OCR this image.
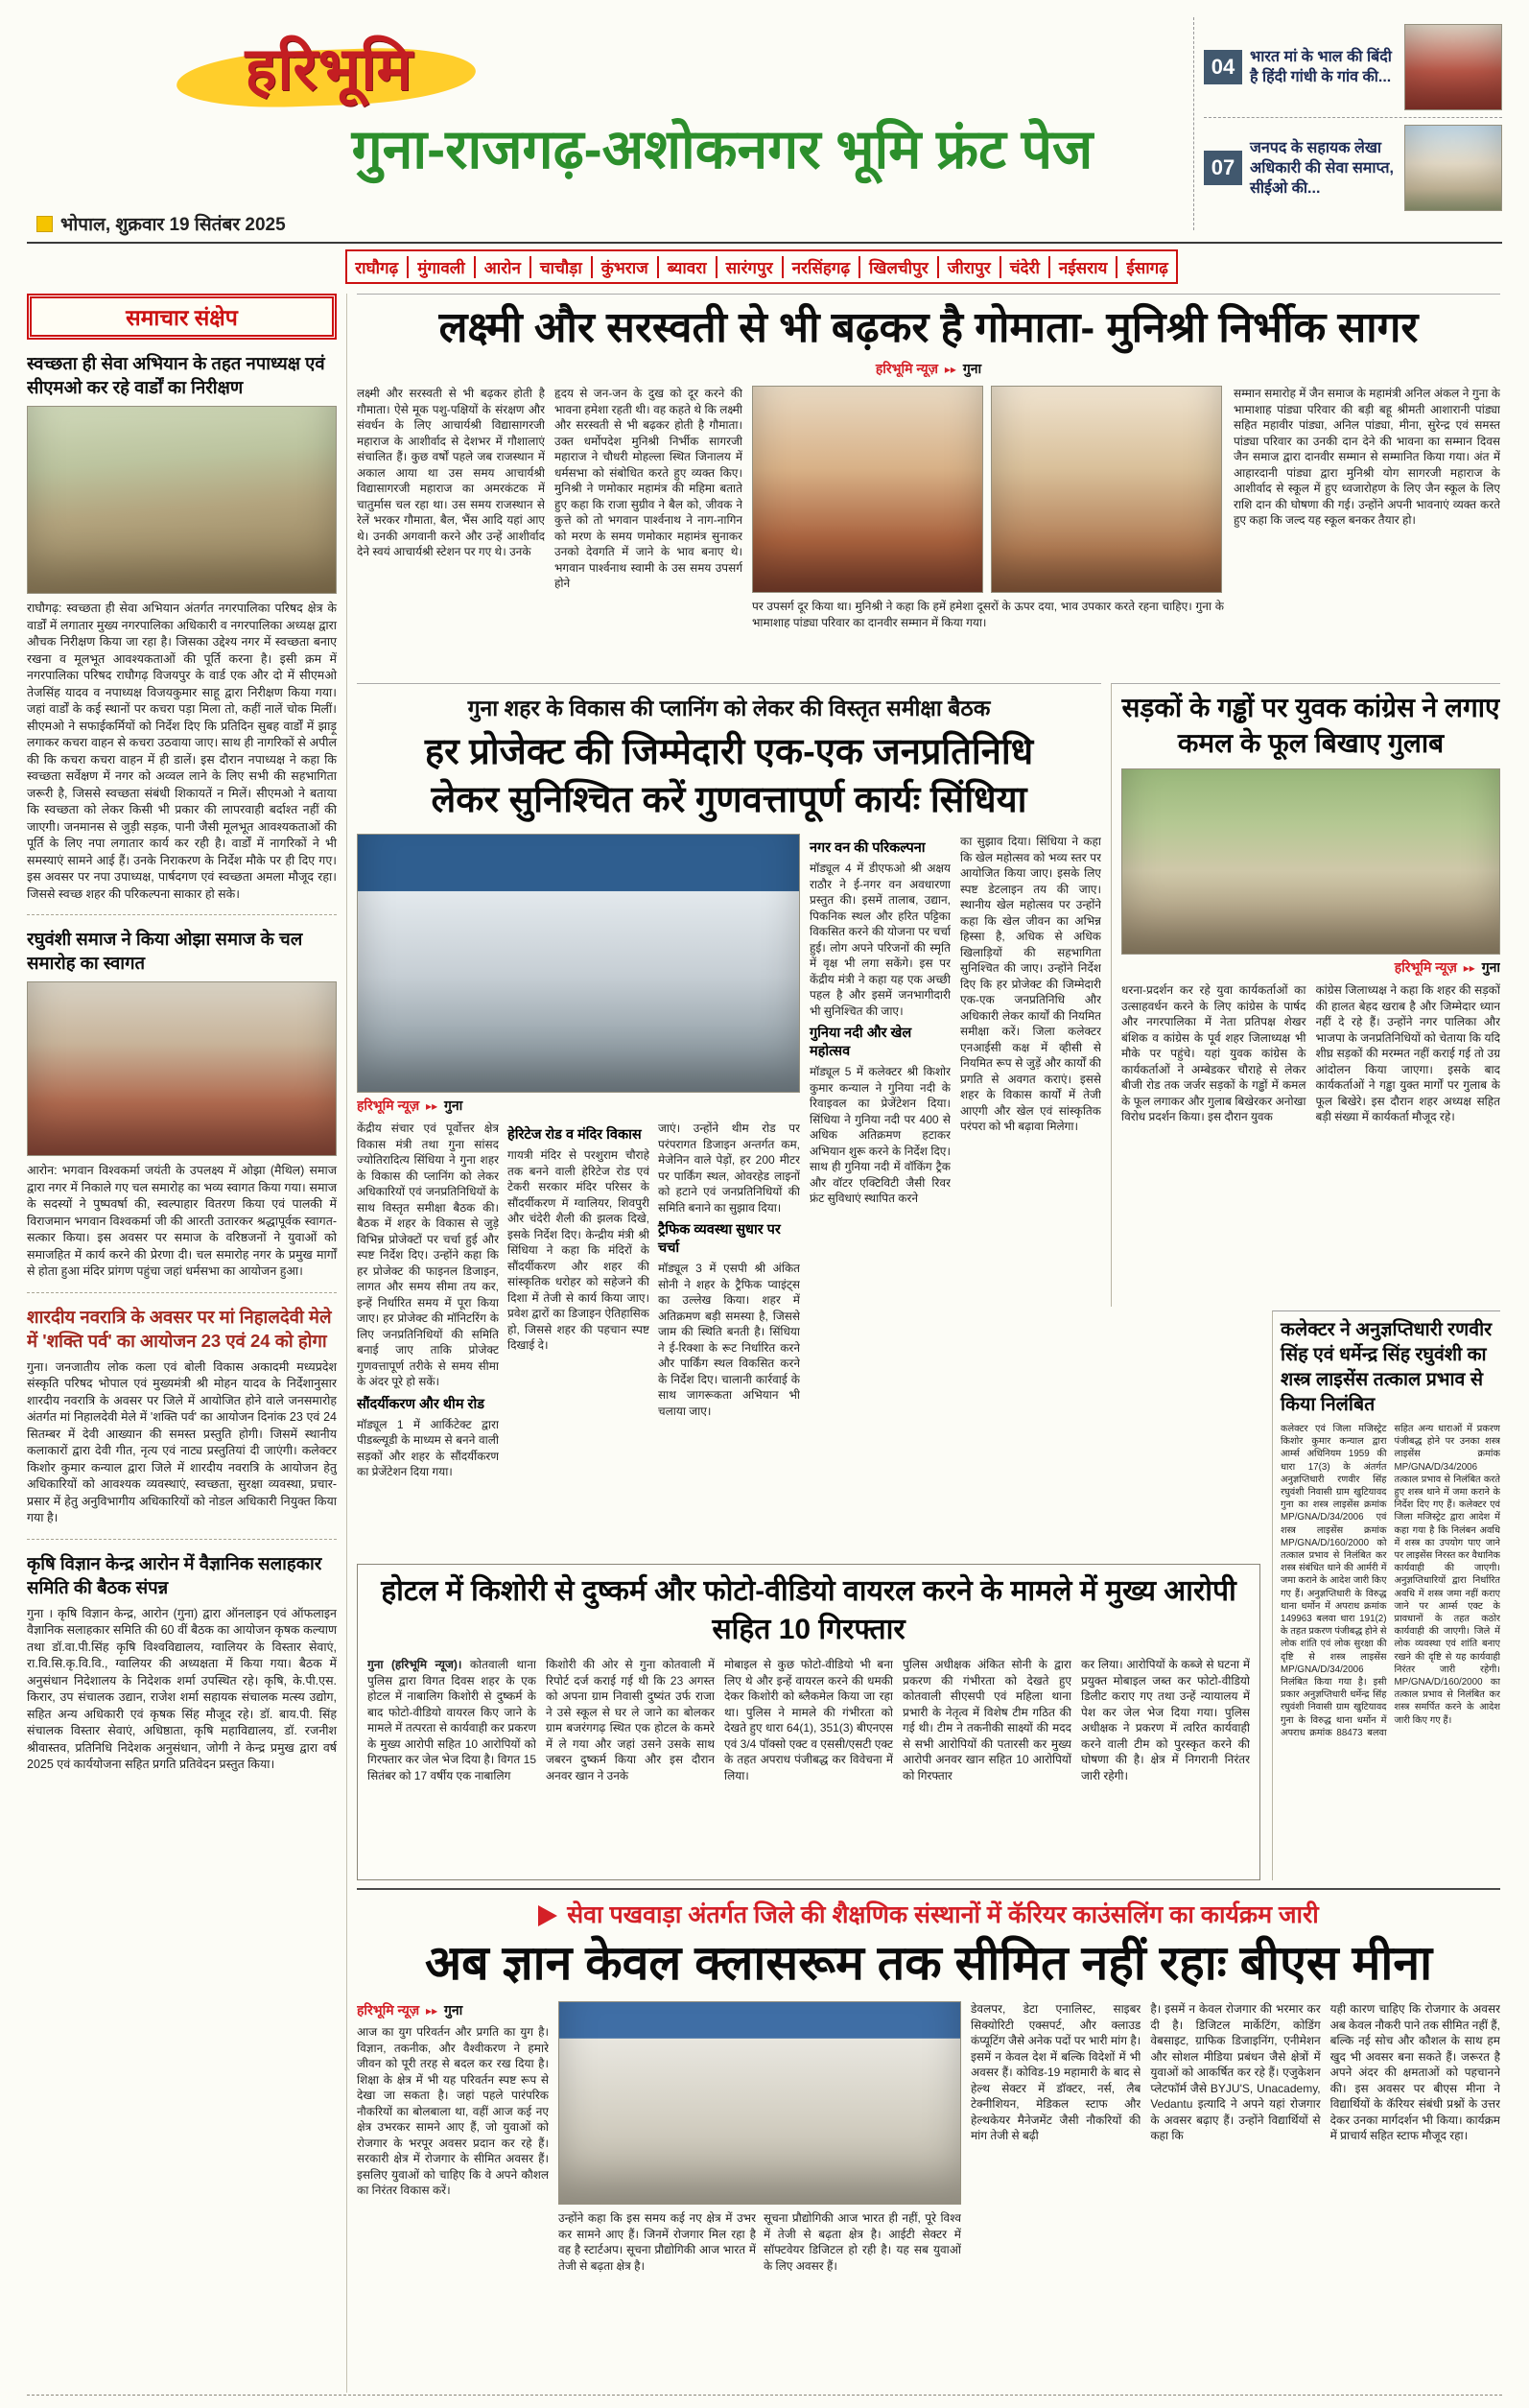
हरिभूमि
गुना-राजगढ़-अशोकनगर भूमि फ्रंट पेज
भोपाल, शुक्रवार 19 सितंबर 2025
04 भारत मां के भाल की बिंदी है हिंदी गांधी के गांव की...
07
जनपद के सहायक लेखा अधिकारी की सेवा समाप्त, सीईओ की...
राघौगढ़	मुंगावली	आरोन	चाचौड़ा	कुंभराज	ब्यावरा	सारंगपुर	नरसिंहगढ़	खिलचीपुर	जीरापुर	चंदेरी	नईसराय	ईसागढ़
समाचार संक्षेप
स्वच्छता ही सेवा अभियान के तहत नपाध्यक्ष एवं सीएमओ कर रहे वार्डों का निरीक्षण
राघौगढ़: स्वच्छता ही सेवा अभियान अंतर्गत नगरपालिका परिषद क्षेत्र के वार्डों में लगातार मुख्य नगरपालिका अधिकारी व नगरपालिका अध्यक्ष द्वारा औचक निरीक्षण किया जा रहा है। जिसका उद्देश्य नगर में स्वच्छता बनाए रखना व मूलभूत आवश्यकताओं की पूर्ति करना है। इसी क्रम में नगरपालिका परिषद राघौगढ़ विजयपुर के वार्ड एक और दो में सीएमओ तेजसिंह यादव व नपाध्यक्ष विजयकुमार साहू द्वारा निरीक्षण किया गया। जहां वार्डों के कई स्थानों पर कचरा पड़ा मिला तो, कहीं नालें चोक मिलीं। सीएमओ ने सफाईकर्मियों को निर्देश दिए कि प्रतिदिन सुबह वार्डों में झाड़ू लगाकर कचरा वाहन से कचरा उठवाया जाए। साथ ही नागरिकों से अपील की कि कचरा कचरा वाहन में ही डालें। इस दौरान नपाध्यक्ष ने कहा कि स्वच्छता सर्वेक्षण में नगर को अव्वल लाने के लिए सभी की सहभागिता जरूरी है, जिससे स्वच्छता संबंधी शिकायतें न मिलें। सीएमओ ने बताया कि स्वच्छता को लेकर किसी भी प्रकार की लापरवाही बर्दाश्त नहीं की जाएगी। जनमानस से जुड़ी सड़क, पानी जैसी मूलभूत आवश्यकताओं की पूर्ति के लिए नपा लगातार कार्य कर रही है। वार्डों में नागरिकों ने भी समस्याएं सामने आई हैं। उनके निराकरण के निर्देश मौके पर ही दिए गए। इस अवसर पर नपा उपाध्यक्ष, पार्षदगण एवं स्वच्छता अमला मौजूद रहा। जिससे स्वच्छ शहर की परिकल्पना साकार हो सके।
रघुवंशी समाज ने किया ओझा समाज के चल समारोह का स्वागत
आरोन: भगवान विश्वकर्मा जयंती के उपलक्ष्य में ओझा (मैथिल) समाज द्वारा नगर में निकाले गए चल समारोह का भव्य स्वागत किया गया। समाज के सदस्यों ने पुष्पवर्षा की, स्वल्पाहार वितरण किया एवं पालकी में विराजमान भगवान विश्वकर्मा जी की आरती उतारकर श्रद्धापूर्वक स्वागत-सत्कार किया। इस अवसर पर समाज के वरिष्ठजनों ने युवाओं को समाजहित में कार्य करने की प्रेरणा दी। चल समारोह नगर के प्रमुख मार्गों से होता हुआ मंदिर प्रांगण पहुंचा जहां धर्मसभा का आयोजन हुआ।
शारदीय नवरात्रि के अवसर पर मां निहालदेवी मेले में 'शक्ति पर्व' का आयोजन 23 एवं 24 को होगा
गुना। जनजातीय लोक कला एवं बोली विकास अकादमी मध्यप्रदेश संस्कृति परिषद भोपाल एवं मुख्यमंत्री श्री मोहन यादव के निर्देशानुसार शारदीय नवरात्रि के अवसर पर जिले में आयोजित होने वाले जनसमारोह अंतर्गत मां निहालदेवी मेले में 'शक्ति पर्व' का आयोजन दिनांक 23 एवं 24 सितम्बर में देवी आख्यान की समस्त प्रस्तुति होगी। जिसमें स्थानीय कलाकारों द्वारा देवी गीत, नृत्य एवं नाट्य प्रस्तुतियां दी जाएंगी। कलेक्टर किशोर कुमार कन्याल द्वारा जिले में शारदीय नवरात्रि के आयोजन हेतु अधिकारियों को आवश्यक व्यवस्थाएं, स्वच्छता, सुरक्षा व्यवस्था, प्रचार-प्रसार में हेतु अनुविभागीय अधिकारियों को नोडल अधिकारी नियुक्त किया गया है।
कृषि विज्ञान केन्द्र आरोन में वैज्ञानिक सलाहकार समिति की बैठक संपन्न
गुना । कृषि विज्ञान केन्द्र, आरोन (गुना) द्वारा ऑनलाइन एवं ऑफलाइन वैज्ञानिक सलाहकार समिति की 60 वीं बैठक का आयोजन कृषक कल्याण तथा डॉ.वा.पी.सिंह कृषि विश्वविद्यालय, ग्वालियर के विस्तार सेवाएं, रा.वि.सि.कृ.वि.वि., ग्वालियर की अध्यक्षता में किया गया। बैठक में अनुसंधान निदेशालय के निदेशक शर्मा उपस्थित रहे। कृषि, के.पी.एस. किरार, उप संचालक उद्यान, राजेश शर्मा सहायक संचालक मत्स्य उद्योग, सहित अन्य अधिकारी एवं कृषक सिंह मौजूद रहे। डॉ. बाय.पी. सिंह संचालक विस्तार सेवाएं, अधिष्ठाता, कृषि महाविद्यालय, डॉ. रजनीश श्रीवास्तव, प्रतिनिधि निदेशक अनुसंधान, जोगी ने केन्द्र प्रमुख द्वारा वर्ष 2025 एवं कार्ययोजना सहित प्रगति प्रतिवेदन प्रस्तुत किया।
लक्ष्मी और सरस्वती से भी बढ़कर है गोमाता- मुनिश्री निर्भीक सागर
हरिभूमि न्यूज़ ▸▸ गुना
लक्ष्मी और सरस्वती से भी बढ़कर होती है गौमाता। ऐसे मूक पशु-पक्षियों के संरक्षण और संवर्धन के लिए आचार्यश्री विद्यासागरजी महाराज के आशीर्वाद से देशभर में गौशालाएं संचालित हैं। कुछ वर्षों पहले जब राजस्थान में अकाल आया था उस समय आचार्यश्री विद्यासागरजी महाराज का अमरकंटक में चातुर्मास चल रहा था। उस समय राजस्थान से रेलें भरकर गौमाता, बैल, भैंस आदि यहां आए थे। उनकी अगवानी करने और उन्हें आशीर्वाद देने स्वयं आचार्यश्री स्टेशन पर गए थे। उनके
हृदय से जन-जन के दुख को दूर करने की भावना हमेशा रहती थी। वह कहते थे कि लक्ष्मी और सरस्वती से भी बढ़कर होती है गौमाता। उक्त धर्मोपदेश मुनिश्री निर्भीक सागरजी महाराज ने चौधरी मोहल्ला स्थित जिनालय में धर्मसभा को संबोधित करते हुए व्यक्त किए। मुनिश्री ने णमोकार महामंत्र की महिमा बताते हुए कहा कि राजा सुग्रीव ने बैल को, जीवक ने कुत्ते को तो भगवान पार्श्वनाथ ने नाग-नागिन को मरण के समय णमोकार महामंत्र सुनाकर उनको देवगति में जाने के भाव बनाए थे। भगवान पार्श्वनाथ स्वामी के उस समय उपसर्ग होने
पर उपसर्ग दूर किया था। मुनिश्री ने कहा कि हमें हमेशा दूसरों के ऊपर दया, भाव उपकार करते रहना चाहिए। गुना के भामाशाह पांड्या परिवार का दानवीर सम्मान में किया गया।
सम्मान समारोह में जैन समाज के महामंत्री अनिल अंकल ने गुना के भामाशाह पांड्या परिवार की बड़ी बहू श्रीमती आशारानी पांड्या सहित महावीर पांड्या, अनिल पांड्या, मीना, सुरेन्द्र एवं समस्त पांड्या परिवार का उनकी दान देने की भावना का सम्मान दिवस जैन समाज द्वारा दानवीर सम्मान से सम्मानित किया गया। अंत में आहारदानी पांड्या द्वारा मुनिश्री योग सागरजी महाराज के आशीर्वाद से स्कूल में हुए ध्वजारोहण के लिए जैन स्कूल के लिए राशि दान की घोषणा की गई। उन्होंने अपनी भावनाएं व्यक्त करते हुए कहा कि जल्द यह स्कूल बनकर तैयार हो।
गुना शहर के विकास की प्लानिंग को लेकर की विस्तृत समीक्षा बैठक
हर प्रोजेक्ट की जिम्मेदारी एक-एक जनप्रतिनिधि
लेकर सुनिश्चित करें गुणवत्तापूर्ण कार्यः सिंधिया
हरिभूमि न्यूज़ ▸▸ गुना
केंद्रीय संचार एवं पूर्वोत्तर क्षेत्र विकास मंत्री तथा गुना सांसद ज्योतिरादित्य सिंधिया ने गुना शहर के विकास की प्लानिंग को लेकर अधिकारियों एवं जनप्रतिनिधियों के साथ विस्तृत समीक्षा बैठक की। बैठक में शहर के विकास से जुड़े विभिन्न प्रोजेक्टों पर चर्चा हुई और स्पष्ट निर्देश दिए। उन्होंने कहा कि हर प्रोजेक्ट की फाइनल डिजाइन, लागत और समय सीमा तय कर, इन्हें निर्धारित समय में पूरा किया जाए। हर प्रोजेक्ट की मॉनिटरिंग के लिए जनप्रतिनिधियों की समिति बनाई जाए ताकि प्रोजेक्ट गुणवत्तापूर्ण तरीके से समय सीमा के अंदर पूरे हो सकें।
सौंदर्यीकरण और थीम रोड
मॉड्यूल 1 में आर्किटेक्ट द्वारा पीडब्ल्यूडी के माध्यम से बनने वाली सड़कों और शहर के सौंदर्यीकरण का प्रेजेंटेशन दिया गया।
हेरिटेज रोड व मंदिर विकास
गायत्री मंदिर से परशुराम चौराहे तक बनने वाली हेरिटेज रोड एवं टेकरी सरकार मंदिर परिसर के सौंदर्यीकरण में ग्वालियर, शिवपुरी और चंदेरी शैली की झलक दिखे, इसके निर्देश दिए। केन्द्रीय मंत्री श्री सिंधिया ने कहा कि मंदिरों के सौंदर्यीकरण और शहर की सांस्कृतिक धरोहर को सहेजने की दिशा में तेजी से कार्य किया जाए। प्रवेश द्वारों का डिजाइन ऐतिहासिक हो, जिससे शहर की पहचान स्पष्ट दिखाई दे।
जाएं। उन्होंने थीम रोड पर परंपरागत डिजाइन अन्तर्गत कम, मेजेनिन वाले पेड़ों, हर 200 मीटर पर पार्किंग स्थल, ओवरहेड लाइनों को हटाने एवं जनप्रतिनिधियों की समिति बनाने का सुझाव दिया।
ट्रैफिक व्यवस्था सुधार पर चर्चा
मॉड्यूल 3 में एसपी श्री अंकित सोनी ने शहर के ट्रैफिक प्वाइंट्स का उल्लेख किया। शहर में अतिक्रमण बड़ी समस्या है, जिससे जाम की स्थिति बनती है। सिंधिया ने ई-रिक्शा के रूट निर्धारित करने और पार्किंग स्थल विकसित करने के निर्देश दिए। चालानी कार्रवाई के साथ जागरूकता अभियान भी चलाया जाए।
नगर वन की परिकल्पना
मॉड्यूल 4 में डीएफओ श्री अक्षय राठौर ने ई-नगर वन अवधारणा प्रस्तुत की। इसमें तालाब, उद्यान, पिकनिक स्थल और हरित पट्टिका विकसित करने की योजना पर चर्चा हुई। लोग अपने परिजनों की स्मृति में वृक्ष भी लगा सकेंगे। इस पर केंद्रीय मंत्री ने कहा यह एक अच्छी पहल है और इसमें जनभागीदारी भी सुनिश्चित की जाए।
गुनिया नदी और खेल महोत्सव
मॉड्यूल 5 में कलेक्टर श्री किशोर कुमार कन्याल ने गुनिया नदी के रिवाइवल का प्रेजेंटेशन दिया। सिंधिया ने गुनिया नदी पर 400 से अधिक अतिक्रमण हटाकर अभियान शुरू करने के निर्देश दिए। साथ ही गुनिया नदी में वॉकिंग ट्रैक और वॉटर एक्टिविटी जैसी रिवर फ्रंट सुविधाएं स्थापित करने
का सुझाव दिया। सिंधिया ने कहा कि खेल महोत्सव को भव्य स्तर पर आयोजित किया जाए। इसके लिए स्पष्ट डेटलाइन तय की जाए। स्थानीय खेल महोत्सव पर उन्होंने कहा कि खेल जीवन का अभिन्न हिस्सा है, अधिक से अधिक खिलाड़ियों की सहभागिता सुनिश्चित की जाए। उन्होंने निर्देश दिए कि हर प्रोजेक्ट की जिम्मेदारी एक-एक जनप्रतिनिधि और अधिकारी लेकर कार्यों की नियमित समीक्षा करें। जिला कलेक्टर एनआईसी कक्ष में व्हीसी से नियमित रूप से जुड़ें और कार्यों की प्रगति से अवगत कराएं। इससे शहर के विकास कार्यों में तेजी आएगी और खेल एवं सांस्कृतिक परंपरा को भी बढ़ावा मिलेगा।
सड़कों के गड्ढों पर युवक कांग्रेस ने लगाए कमल के फूल बिखाए गुलाब
हरिभूमि न्यूज़ ▸▸ गुना
धरना-प्रदर्शन कर रहे युवा कार्यकर्ताओं का उत्साहवर्धन करने के लिए कांग्रेस के पार्षद और नगरपालिका में नेता प्रतिपक्ष शेखर बंशिक व कांग्रेस के पूर्व शहर जिलाध्यक्ष भी मौके पर पहुंचे। यहां युवक कांग्रेस के कार्यकर्ताओं ने अम्बेडकर चौराहे से लेकर बीजी रोड तक जर्जर सड़कों के गड्ढों में कमल के फूल लगाकर और गुलाब बिखेरकर अनोखा विरोध प्रदर्शन किया। इस दौरान युवक
कांग्रेस जिलाध्यक्ष ने कहा कि शहर की सड़कों की हालत बेहद खराब है और जिम्मेदार ध्यान नहीं दे रहे हैं। उन्होंने नगर पालिका और भाजपा के जनप्रतिनिधियों को चेताया कि यदि शीघ्र सड़कों की मरम्मत नहीं कराई गई तो उग्र आंदोलन किया जाएगा। इसके बाद कार्यकर्ताओं ने गड्ढा युक्त मार्गों पर गुलाब के फूल बिखेरे। इस दौरान शहर अध्यक्ष सहित बड़ी संख्या में कार्यकर्ता मौजूद रहे।
कलेक्टर ने अनुज्ञप्तिधारी रणवीर सिंह एवं धर्मेन्द्र सिंह रघुवंशी का शस्त्र लाइसेंस तत्काल प्रभाव से किया निलंबित
कलेक्टर एवं जिला मजिस्ट्रेट किशोर कुमार कन्याल द्वारा आर्म्स अधिनियम 1959 की धारा 17(3) के अंतर्गत अनुज्ञप्तिधारी रणवीर सिंह रघुवंशी निवासी ग्राम खुटियावद गुना का शस्त्र लाइसेंस क्रमांक MP/GNA/D/34/2006 एवं शस्त्र लाइसेंस क्रमांक MP/GNA/D/160/2000 को तत्काल प्रभाव से निलंबित कर शस्त्र संबंधित थाने की आर्मरी में जमा कराने के आदेश जारी किए गए हैं। अनुज्ञप्तिधारी के विरुद्ध थाना धर्मोन में अपराध क्रमांक 149963 बलवा धारा 191(2) के तहत प्रकरण पंजीबद्ध होने से लोक शांति एवं लोक सुरक्षा की दृष्टि से शस्त्र लाइसेंस MP/GNA/D/34/2006 निलंबित किया गया है। इसी प्रकार अनुज्ञप्तिधारी धर्मेन्द्र सिंह रघुवंशी निवासी ग्राम खुटियावद गुना के विरुद्ध थाना धर्मोन में अपराध क्रमांक 88473 बलवा सहित अन्य धाराओं में प्रकरण पंजीबद्ध होने पर उनका शस्त्र लाइसेंस क्रमांक MP/GNA/D/34/2006 तत्काल प्रभाव से निलंबित करते हुए शस्त्र थाने में जमा कराने के निर्देश दिए गए हैं। कलेक्टर एवं जिला मजिस्ट्रेट द्वारा आदेश में कहा गया है कि निलंबन अवधि में शस्त्र का उपयोग पाए जाने पर लाइसेंस निरस्त कर वैधानिक कार्यवाही की जाएगी। अनुज्ञप्तिधारियों द्वारा निर्धारित अवधि में शस्त्र जमा नहीं कराए जाने पर आर्म्स एक्ट के प्रावधानों के तहत कठोर कार्यवाही की जाएगी। जिले में लोक व्यवस्था एवं शांति बनाए रखने की दृष्टि से यह कार्यवाही निरंतर जारी रहेगी। MP/GNA/D/160/2000 का तत्काल प्रभाव से निलंबित कर शस्त्र समर्पित करने के आदेश जारी किए गए हैं।
होटल में किशोरी से दुष्कर्म और फोटो-वीडियो वायरल करने के मामले में मुख्य आरोपी सहित 10 गिरफ्तार
गुना (हरिभूमि न्यूज)। कोतवाली थाना पुलिस द्वारा विगत दिवस शहर के एक होटल में नाबालिग किशोरी से दुष्कर्म के बाद फोटो-वीडियो वायरल किए जाने के मामले में तत्परता से कार्यवाही कर प्रकरण के मुख्य आरोपी सहित 10 आरोपियों को गिरफ्तार कर जेल भेज दिया है। विगत 15 सितंबर को 17 वर्षीय एक नाबालिग
किशोरी की ओर से गुना कोतवाली में रिपोर्ट दर्ज कराई गई थी कि 23 अगस्त को अपना ग्राम निवासी दुष्यंत उर्फ राजा ने उसे स्कूल से घर ले जाने का बोलकर ग्राम बजरंगगढ़ स्थित एक होटल के कमरे में ले गया और जहां उसने उसके साथ जबरन दुष्कर्म किया और इस दौरान अनवर खान ने उनके
मोबाइल से कुछ फोटो-वीडियो भी बना लिए थे और इन्हें वायरल करने की धमकी देकर किशोरी को ब्लैकमेल किया जा रहा था। पुलिस ने मामले की गंभीरता को देखते हुए धारा 64(1), 351(3) बीएनएस एवं 3/4 पॉक्सो एक्ट व एससी/एसटी एक्ट के तहत अपराध पंजीबद्ध कर विवेचना में लिया।
पुलिस अधीक्षक अंकित सोनी के द्वारा प्रकरण की गंभीरता को देखते हुए कोतवाली सीएसपी एवं महिला थाना प्रभारी के नेतृत्व में विशेष टीम गठित की गई थी। टीम ने तकनीकी साक्ष्यों की मदद से सभी आरोपियों की पतारसी कर मुख्य आरोपी अनवर खान सहित 10 आरोपियों को गिरफ्तार
कर लिया। आरोपियों के कब्जे से घटना में प्रयुक्त मोबाइल जब्त कर फोटो-वीडियो डिलीट कराए गए तथा उन्हें न्यायालय में पेश कर जेल भेज दिया गया। पुलिस अधीक्षक ने प्रकरण में त्वरित कार्यवाही करने वाली टीम को पुरस्कृत करने की घोषणा की है। क्षेत्र में निगरानी निरंतर जारी रहेगी।
सेवा पखवाड़ा अंतर्गत जिले की शैक्षणिक संस्थानों में कॅरियर काउंसलिंग का कार्यक्रम जारी
अब ज्ञान केवल क्लासरूम तक सीमित नहीं रहाः बीएस मीना
हरिभूमि न्यूज़ ▸▸ गुना
आज का युग परिवर्तन और प्रगति का युग है। विज्ञान, तकनीक, और वैश्वीकरण ने हमारे जीवन को पूरी तरह से बदल कर रख दिया है। शिक्षा के क्षेत्र में भी यह परिवर्तन स्पष्ट रूप से देखा जा सकता है। जहां पहले पारंपरिक नौकरियों का बोलबाला था, वहीं आज कई नए क्षेत्र उभरकर सामने आए हैं, जो युवाओं को रोजगार के भरपूर अवसर प्रदान कर रहे हैं। सरकारी क्षेत्र में रोजगार के सीमित अवसर हैं। इसलिए युवाओं को चाहिए कि वे अपने कौशल का निरंतर विकास करें।
उन्होंने कहा कि इस समय कई नए क्षेत्र में उभर कर सामने आए हैं। जिनमें रोजगार मिल रहा है वह है स्टार्टअप। सूचना प्रौद्योगिकी आज भारत में तेजी से बढ़ता क्षेत्र है।
सूचना प्रौद्योगिकी आज भारत ही नहीं, पूरे विश्व में तेजी से बढ़ता क्षेत्र है। आईटी सेक्टर में सॉफ्टवेयर डिजिटल हो रही है। यह सब युवाओं के लिए अवसर हैं।
डेवलपर, डेटा एनालिस्ट, साइबर सिक्योरिटी एक्सपर्ट, और क्लाउड कंप्यूटिंग जैसे अनेक पदों पर भारी मांग है। इसमें न केवल देश में बल्कि विदेशों में भी अवसर हैं। कोविड-19 महामारी के बाद से हेल्थ सेक्टर में डॉक्टर, नर्स, लैब टेक्नीशियन, मेडिकल स्टाफ और हेल्थकेयर मैनेजमेंट जैसी नौकरियों की मांग तेजी से बढ़ी
है। इसमें न केवल रोजगार की भरमार कर दी है। डिजिटल मार्केटिंग, कोडिंग वेबसाइट, ग्राफिक डिजाइनिंग, एनीमेशन और सोशल मीडिया प्रबंधन जैसे क्षेत्रों में युवाओं को आकर्षित कर रहे हैं। एजुकेशन प्लेटफॉर्म जैसे BYJU'S, Unacademy, Vedantu इत्यादि ने अपने यहां रोजगार के अवसर बढ़ाए हैं। उन्होंने विद्यार्थियों से कहा कि
यही कारण चाहिए कि रोजगार के अवसर अब केवल नौकरी पाने तक सीमित नहीं हैं, बल्कि नई सोच और कौशल के साथ हम खुद भी अवसर बना सकते हैं। जरूरत है अपने अंदर की क्षमताओं को पहचानने की। इस अवसर पर बीएस मीना ने विद्यार्थियों के कॅरियर संबंधी प्रश्नों के उत्तर देकर उनका मार्गदर्शन भी किया। कार्यक्रम में प्राचार्य सहित स्टाफ मौजूद रहा।
